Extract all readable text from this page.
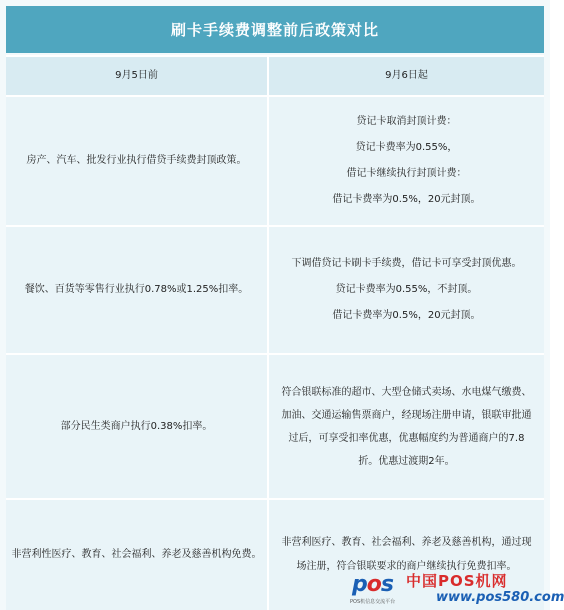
刷卡手续费调整前后政策对比
9月5日前	9月6日起
房产、汽车、批发行业执行借贷手续费封顶政策。
贷记卡取消封顶计费：
贷记卡费率为0.55%，
借记卡继续执行封顶计费：
借记卡费率为0.5%，20元封顶。
餐饮、百货等零售行业执行0.78%或1.25%扣率。
下调借贷记卡刷卡手续费，借记卡可享受封顶优惠。
贷记卡费率为0.55%，不封顶。
借记卡费率为0.5%，20元封顶。
部分民生类商户执行0.38%扣率。
符合银联标准的超市、大型仓储式卖场、水电煤气缴费、加油、交通运输售票商户，经现场注册申请，银联审批通过后，可享受扣率优惠，优惠幅度约为普通商户的7.8折。优惠过渡期2年。
非营利性医疗、教育、社会福利、养老及慈善机构免费。
非营利医疗、教育、社会福利、养老及慈善机构，通过现场注册，符合银联要求的商户继续执行免费扣率。
pos
POS机信息交流平台
中国POS机网
www.pos580.com
